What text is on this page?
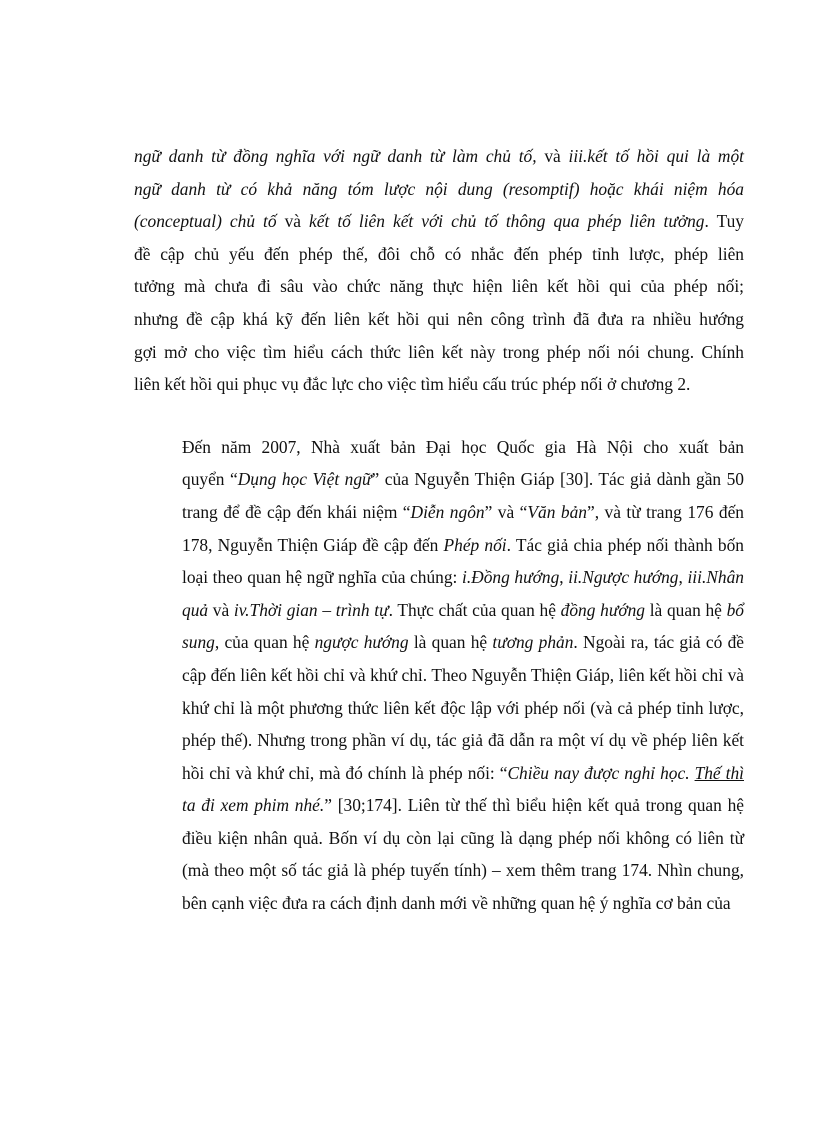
ngữ danh từ đồng nghĩa với ngữ danh từ làm chủ tố, và iii.kết tố hồi qui là một
ngữ danh từ có khả năng tóm lược nội dung (resomptif) hoặc khái niệm hóa
(conceptual) chủ tố và kết tố liên kết với chủ tố thông qua phép liên tưởng. Tuy
đề cập chủ yếu đến phép thế, đôi chỗ có nhắc đến phép tỉnh lược, phép liên
tưởng mà chưa đi sâu vào chức năng thực hiện liên kết hồi qui của phép nối;
nhưng đề cập khá kỹ đến liên kết hồi qui nên công trình đã đưa ra nhiều hướng
gợi mở cho việc tìm hiểu cách thức liên kết này trong phép nối nói chung. Chính
liên kết hồi qui phục vụ đắc lực cho việc tìm hiểu cấu trúc phép nối ở chương 2.

Đến năm 2007, Nhà xuất bản Đại học Quốc gia Hà Nội cho xuất bản
quyển “Dụng học Việt ngữ” của Nguyễn Thiện Giáp [30]. Tác giả dành gần 50
trang để đề cập đến khái niệm “Diễn ngôn” và “Văn bản”, và từ trang 176 đến
178, Nguyễn Thiện Giáp đề cập đến Phép nối. Tác giả chia phép nối thành bốn
loại theo quan hệ ngữ nghĩa của chúng: i.Đồng hướng, ii.Ngược hướng, iii.Nhân
quả và iv.Thời gian – trình tự. Thực chất của quan hệ đồng hướng là quan hệ bổ
sung, của quan hệ ngược hướng là quan hệ tương phản. Ngoài ra, tác giả có đề
cập đến liên kết hồi chỉ và khứ chỉ. Theo Nguyễn Thiện Giáp, liên kết hồi chỉ và
khứ chỉ là một phương thức liên kết độc lập với phép nối (và cả phép tỉnh lược,
phép thế). Nhưng trong phần ví dụ, tác giả đã dẫn ra một ví dụ về phép liên kết
hồi chỉ và khứ chỉ, mà đó chính là phép nối: “Chiều nay được nghỉ học. Thế thì
ta đi xem phim nhé.” [30;174]. Liên từ thế thì biểu hiện kết quả trong quan hệ
điều kiện nhân quả. Bốn ví dụ còn lại cũng là dạng phép nối không có liên từ
(mà theo một số tác giả là phép tuyến tính) – xem thêm trang 174. Nhìn chung,
bên cạnh việc đưa ra cách định danh mới về những quan hệ ý nghĩa cơ bản của
